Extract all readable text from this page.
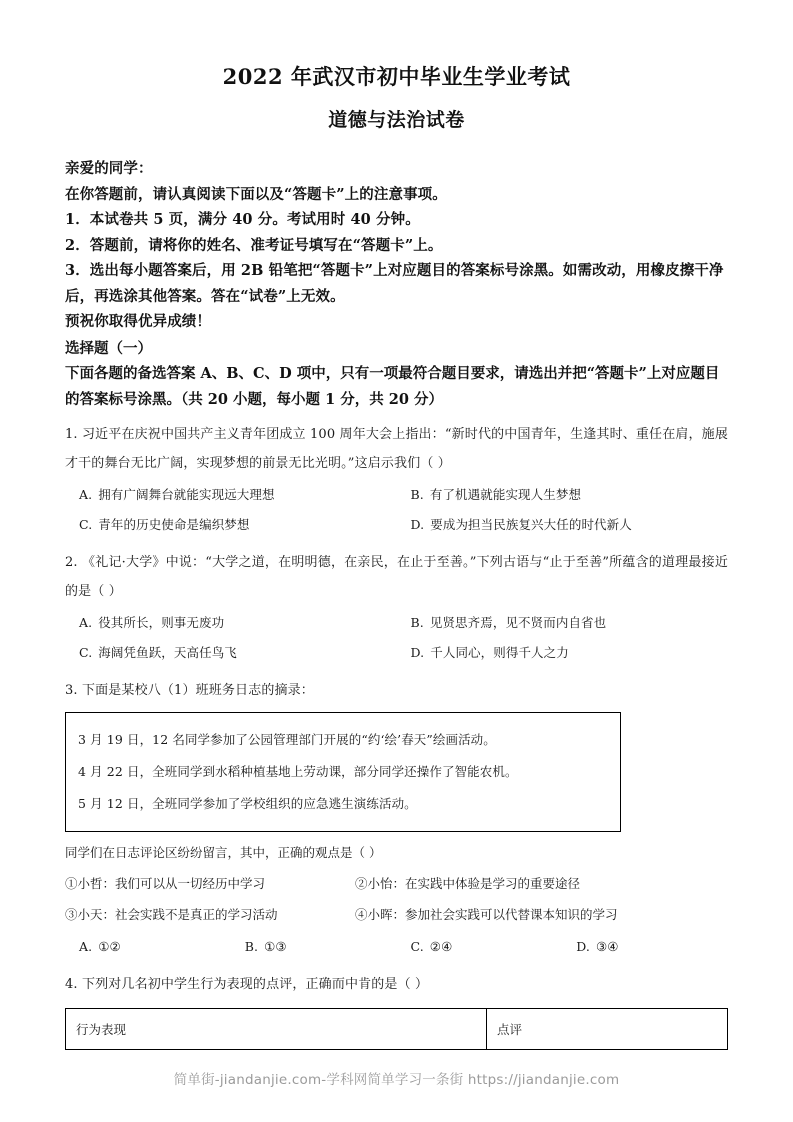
2022 年武汉市初中毕业生学业考试
道德与法治试卷
亲爱的同学：
在你答题前，请认真阅读下面以及“答题卡”上的注意事项。
1．本试卷共 5 页，满分 40 分。考试用时 40 分钟。
2．答题前，请将你的姓名、准考证号填写在“答题卡”上。
3．选出每小题答案后，用 2B 铅笔把“答题卡”上对应题目的答案标号涂黑。如需改动，用橡皮擦干净后，再选涂其他答案。答在“试卷”上无效。
预祝你取得优异成绩！
选择题（一）
下面各题的备选答案 A、B、C、D 项中，只有一项最符合题目要求，请选出并把“答题卡”上对应题目的答案标号涂黑。（共 20 小题，每小题 1 分，共 20 分）
1. 习近平在庆祝中国共产主义青年团成立 100 周年大会上指出：“新时代的中国青年，生逢其时、重任在肩，施展才干的舞台无比广阔，实现梦想的前景无比光明。”这启示我们（ ）
A. 拥有广阔舞台就能实现远大理想	B. 有了机遇就能实现人生梦想
C. 青年的历史使命是编织梦想	D. 要成为担当民族复兴大任的时代新人
2. 《礼记·大学》中说：“大学之道，在明明德，在亲民，在止于至善。”下列古语与“止于至善”所蕴含的道理最接近的是（ ）
A. 役其所长，则事无废功	B. 见贤思齐焉，见不贤而内自省也
C. 海阔凭鱼跃，天高任鸟飞	D. 千人同心，则得千人之力
3. 下面是某校八（1）班班务日志的摘录：
3 月 19 日，12 名同学参加了公园管理部门开展的“约‘绘’春天”绘画活动。
4 月 22 日，全班同学到水稻种植基地上劳动课，部分同学还操作了智能农机。
5 月 12 日，全班同学参加了学校组织的应急逃生演练活动。
同学们在日志评论区纷纷留言，其中，正确的观点是（ ）
①小哲：我们可以从一切经历中学习	②小怡：在实践中体验是学习的重要途径
③小天：社会实践不是真正的学习活动	④小晖：参加社会实践可以代替课本知识的学习
A. ①②	B. ①③	C. ②④	D. ③④
4. 下列对几名初中学生行为表现的点评，正确而中肯的是（ ）
行为表现	点评
简单街-jiandanjie.com-学科网简单学习一条街 https://jiandanjie.com
